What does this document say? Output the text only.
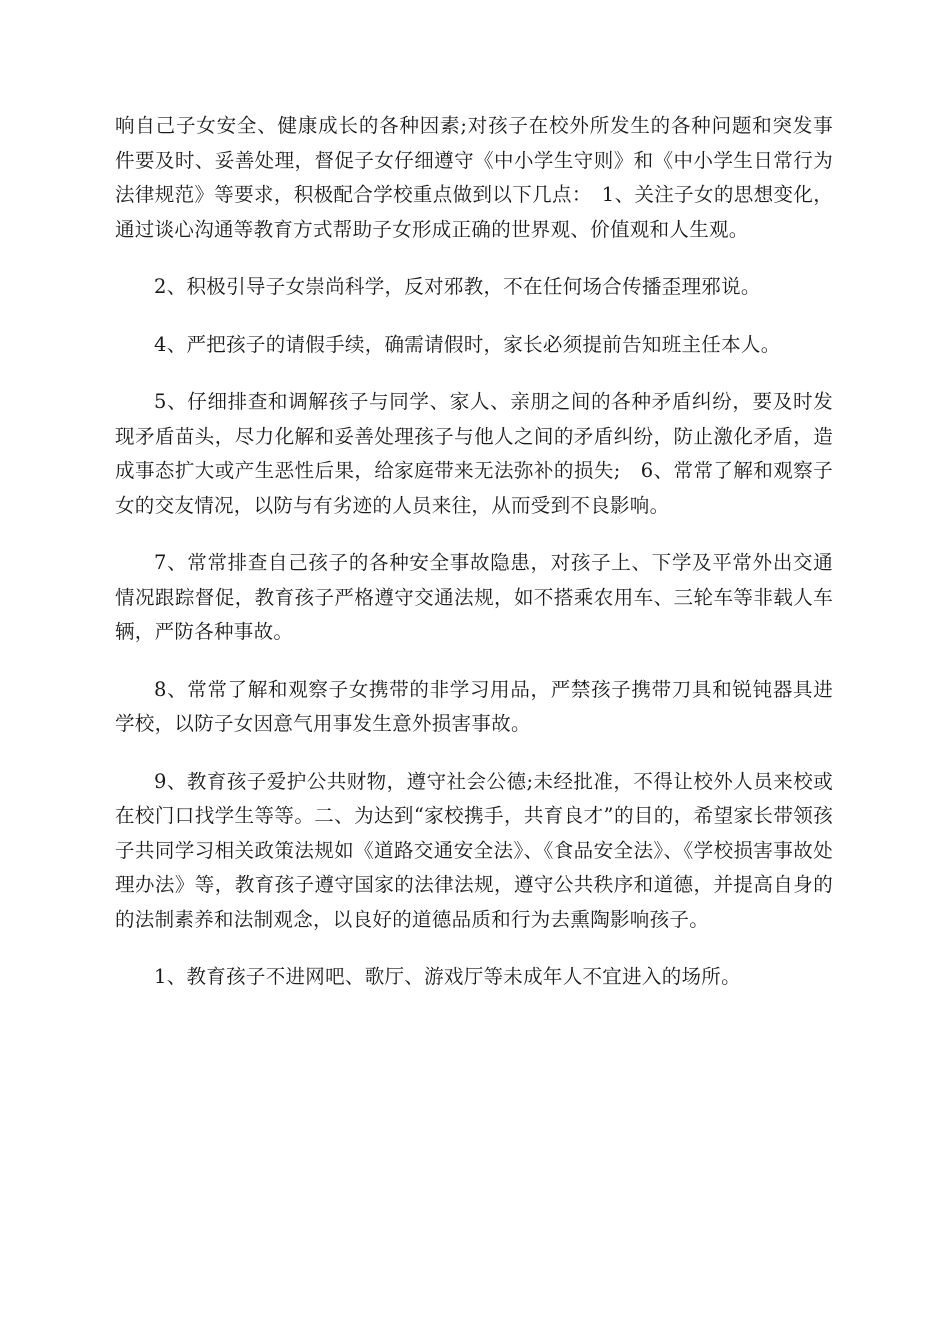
响自己子女安全、健康成长的各种因素;对孩子在校外所发生的各种问题和突发事件要及时、妥善处理，督促子女仔细遵守《中小学生守则》和《中小学生日常行为法律规范》等要求，积极配合学校重点做到以下几点：　1、关注子女的思想变化，通过谈心沟通等教育方式帮助子女形成正确的世界观、价值观和人生观。

2、积极引导子女崇尚科学，反对邪教，不在任何场合传播歪理邪说。

4、严把孩子的请假手续，确需请假时，家长必须提前告知班主任本人。

5、仔细排查和调解孩子与同学、家人、亲朋之间的各种矛盾纠纷，要及时发现矛盾苗头，尽力化解和妥善处理孩子与他人之间的矛盾纠纷，防止激化矛盾，造成事态扩大或产生恶性后果，给家庭带来无法弥补的损失;　6、常常了解和观察子女的交友情况，以防与有劣迹的人员来往，从而受到不良影响。

7、常常排查自己孩子的各种安全事故隐患，对孩子上、下学及平常外出交通情况跟踪督促，教育孩子严格遵守交通法规，如不搭乘农用车、三轮车等非载人车辆，严防各种事故。

8、常常了解和观察子女携带的非学习用品，严禁孩子携带刀具和锐钝器具进学校，以防子女因意气用事发生意外损害事故。

9、教育孩子爱护公共财物，遵守社会公德;未经批准，不得让校外人员来校或在校门口找学生等等。二、为达到“家校携手，共育良才”的目的，希望家长带领孩子共同学习相关政策法规如《道路交通安全法》、《食品安全法》、《学校损害事故处理办法》等，教育孩子遵守国家的法律法规，遵守公共秩序和道德，并提高自身的的法制素养和法制观念，以良好的道德品质和行为去熏陶影响孩子。

1、教育孩子不进网吧、歌厅、游戏厅等未成年人不宜进入的场所。
